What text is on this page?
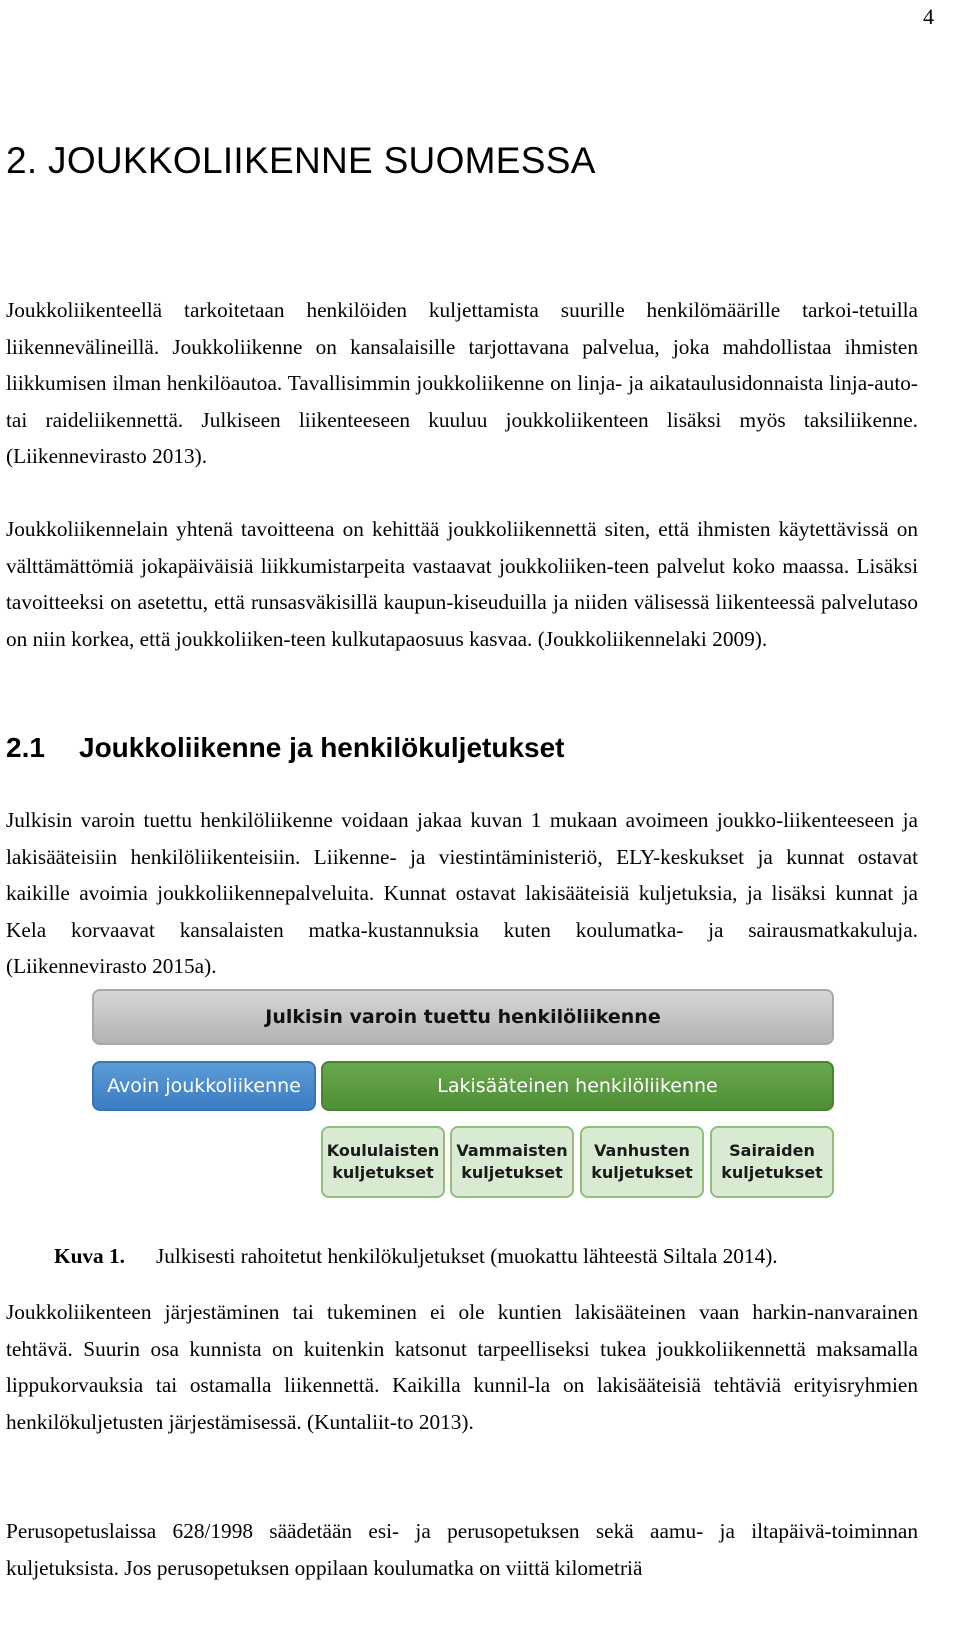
4
2. JOUKKOLIIKENNE SUOMESSA

Joukkoliikenteellä tarkoitetaan henkilöiden kuljettamista suurille henkilömäärille tarkoi-tetuilla liikennevälineillä. Joukkoliikenne on kansalaisille tarjottavana palvelua, joka mahdollistaa ihmisten liikkumisen ilman henkilöautoa. Tavallisimmin joukkoliikenne on linja- ja aikataulusidonnaista linja-auto- tai raideliikennettä. Julkiseen liikenteeseen kuuluu joukkoliikenteen lisäksi myös taksiliikenne. (Liikennevirasto 2013).

Joukkoliikennelain yhtenä tavoitteena on kehittää joukkoliikennettä siten, että ihmisten käytettävissä on välttämättömiä jokapäiväisiä liikkumistarpeita vastaavat joukkoliiken-teen palvelut koko maassa. Lisäksi tavoitteeksi on asetettu, että runsasväkisillä kaupun-kiseuduilla ja niiden välisessä liikenteessä palvelutaso on niin korkea, että joukkoliiken-teen kulkutapaosuus kasvaa. (Joukkoliikennelaki 2009).

2.1 Joukkoliikenne ja henkilökuljetukset

Julkisin varoin tuettu henkilöliikenne voidaan jakaa kuvan 1 mukaan avoimeen joukko-liikenteeseen ja lakisääteisiin henkilöliikenteisiin. Liikenne- ja viestintäministeriö, ELY-keskukset ja kunnat ostavat kaikille avoimia joukkoliikennepalveluita. Kunnat ostavat lakisääteisiä kuljetuksia, ja lisäksi kunnat ja Kela korvaavat kansalaisten matka-kustannuksia kuten koulumatka- ja sairausmatkakuluja. (Liikennevirasto 2015a).

Julkisin varoin tuettu henkilöliikenne
Avoin joukkoliikenne	Lakisääteinen henkilöliikenne
Koululaisten
kuljetukset
Vammaisten
kuljetukset
Vanhusten
kuljetukset
Sairaiden
kuljetukset
Kuva 1. Julkisesti rahoitetut henkilökuljetukset (muokattu lähteestä Siltala 2014).

Joukkoliikenteen järjestäminen tai tukeminen ei ole kuntien lakisääteinen vaan harkin-nanvarainen tehtävä. Suurin osa kunnista on kuitenkin katsonut tarpeelliseksi tukea joukkoliikennettä maksamalla lippukorvauksia tai ostamalla liikennettä. Kaikilla kunnil-la on lakisääteisiä tehtäviä erityisryhmien henkilökuljetusten järjestämisessä. (Kuntaliit-to 2013).

Perusopetuslaissa 628/1998 säädetään esi- ja perusopetuksen sekä aamu- ja iltapäivä-toiminnan kuljetuksista. Jos perusopetuksen oppilaan koulumatka on viittä kilometriä
